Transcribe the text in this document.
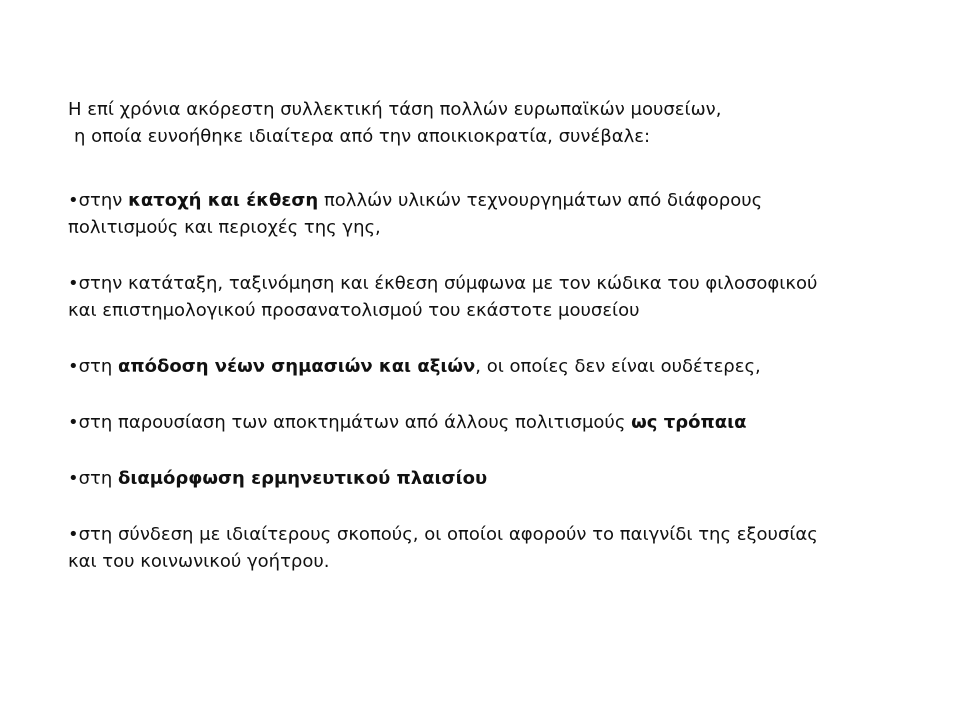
Η επί χρόνια ακόρεστη συλλεκτική τάση πολλών ευρωπαϊκών μουσείων,
η οποία ευνοήθηκε ιδιαίτερα από την αποικιοκρατία, συνέβαλε:

•στην κατοχή και έκθεση πολλών υλικών τεχνουργημάτων από διάφορους
πολιτισμούς και περιοχές της γης,
•στην κατάταξη, ταξινόμηση και έκθεση σύμφωνα με τον κώδικα του φιλοσοφικού
και επιστημολογικού προσανατολισμού του εκάστοτε μουσείου
•στη απόδοση νέων σημασιών και αξιών, οι οποίες δεν είναι ουδέτερες,
•στη παρουσίαση των αποκτημάτων από άλλους πολιτισμούς ως τρόπαια
•στη διαμόρφωση ερμηνευτικού πλαισίου
•στη σύνδεση με ιδιαίτερους σκοπούς, οι οποίοι αφορούν το παιγνίδι της εξουσίας
και του κοινωνικού γοήτρου.
